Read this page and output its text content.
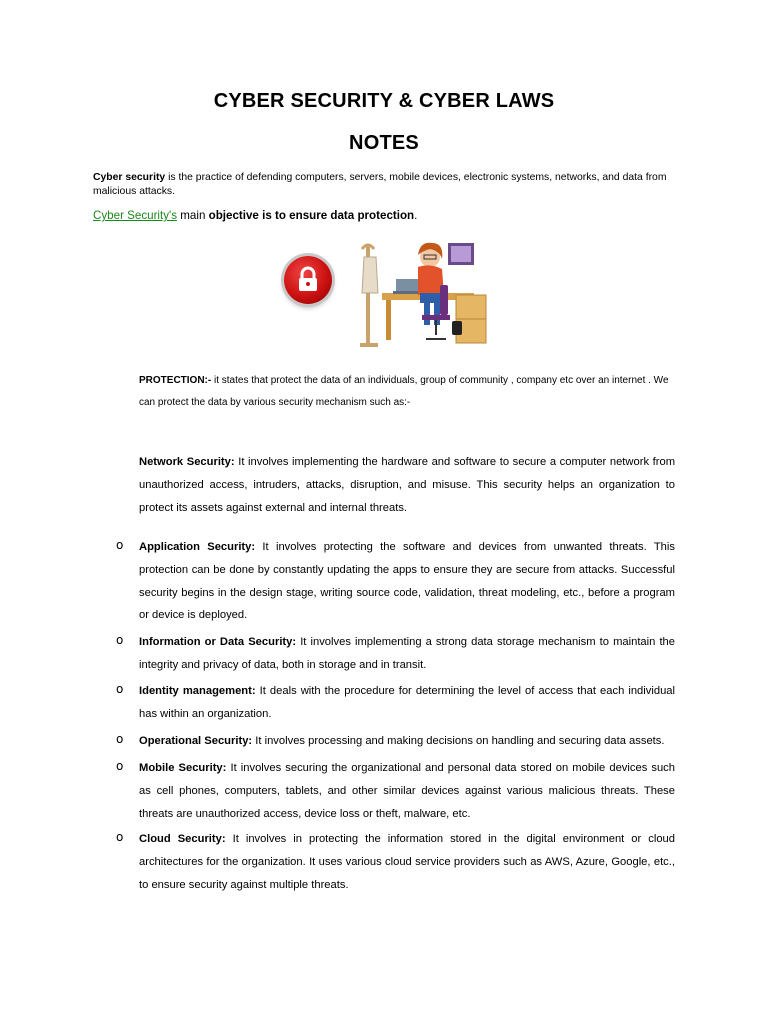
CYBER SECURITY & CYBER LAWS
NOTES
Cyber security is the practice of defending computers, servers, mobile devices, electronic systems, networks, and data from malicious attacks.
Cyber Security's main objective is to ensure data protection.
PROTECTION:- it states that protect the data of an individuals, group of community , company etc over an internet . We can protect the data by various security mechanism such as:-
Network Security: It involves implementing the hardware and software to secure a computer network from unauthorized access, intruders, attacks, disruption, and misuse. This security helps an organization to protect its assets against external and internal threats.
o Application Security: It involves protecting the software and devices from unwanted threats. This protection can be done by constantly updating the apps to ensure they are secure from attacks. Successful security begins in the design stage, writing source code, validation, threat modeling, etc., before a program or device is deployed.
o Information or Data Security: It involves implementing a strong data storage mechanism to maintain the integrity and privacy of data, both in storage and in transit.
o Identity management: It deals with the procedure for determining the level of access that each individual has within an organization.
o Operational Security: It involves processing and making decisions on handling and securing data assets.
o Mobile Security: It involves securing the organizational and personal data stored on mobile devices such as cell phones, computers, tablets, and other similar devices against various malicious threats. These threats are unauthorized access, device loss or theft, malware, etc.
o Cloud Security: It involves in protecting the information stored in the digital environment or cloud architectures for the organization. It uses various cloud service providers such as AWS, Azure, Google, etc., to ensure security against multiple threats.
